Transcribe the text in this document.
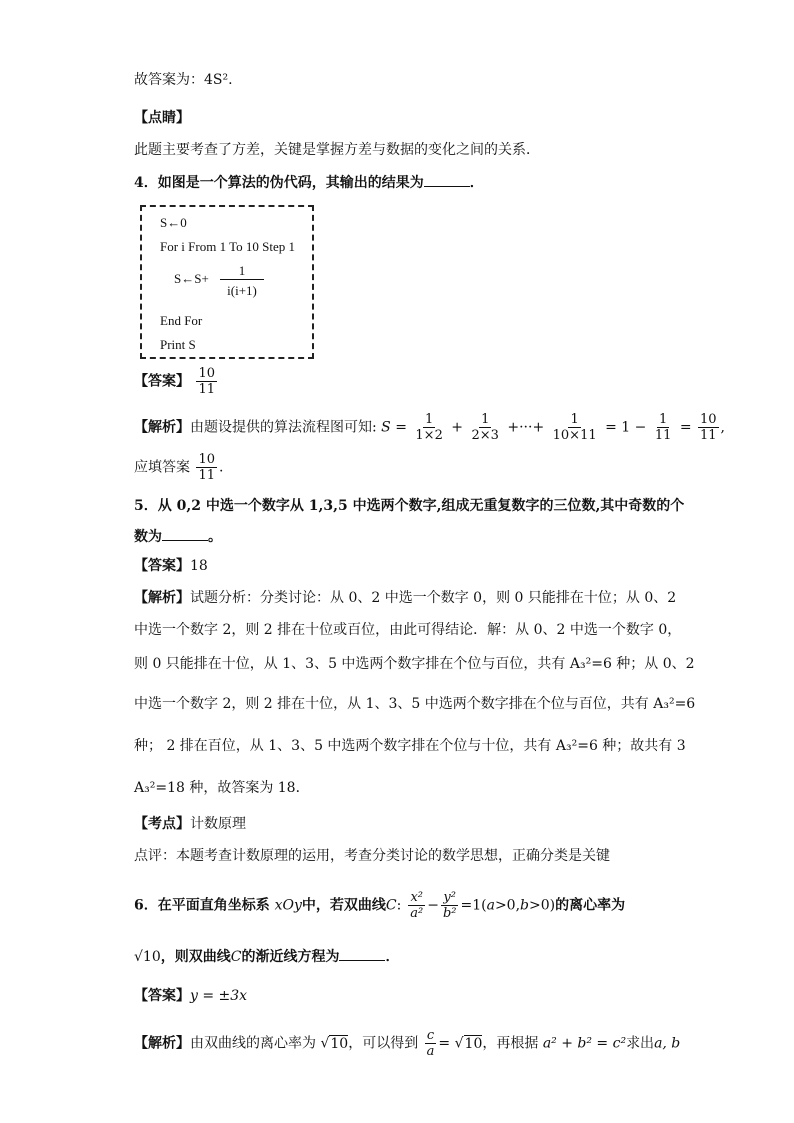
故答案为：4S².
【点睛】
此题主要考查了方差，关键是掌握方差与数据的变化之间的关系．
4．如图是一个算法的伪代码，其输出的结果为	．
S←0
For i From 1 To 10 Step 1
S←S+
1
i(i+1)
End For
Print S
【答案】 $\frac{10}{11}$
【解析】由题设提供的算法流程图可知: $S = \frac{1}{1\times 2} + \frac{1}{2\times 3}$ +···+ $\frac{1}{10\times 11} = 1 - \frac{1}{11} = \frac{10}{11}$ ,
应填答案 $\frac{10}{11}$ .
5．从 0,2 中选一个数字从 1,3,5 中选两个数字,组成无重复数字的三位数,其中奇数的个
数为	。
【答案】18
【解析】试题分析：分类讨论：从 0、2 中选一个数字 0，则 0 只能排在十位；从 0、2
中选一个数字 2，则 2 排在十位或百位，由此可得结论．解：从 0、2 中选一个数字 0，
则 0 只能排在十位，从 1、3、5 中选两个数字排在个位与百位，共有 A₃²=6 种；从 0、2
中选一个数字 2，则 2 排在十位，从 1、3、5 中选两个数字排在个位与百位，共有 A₃²=6
种； 2 排在百位，从 1、3、5 中选两个数字排在个位与十位，共有 A₃²=6 种；故共有 3
A₃²=18 种，故答案为 18．
【考点】计数原理
点评：本题考查计数原理的运用，考查分类讨论的数学思想，正确分类是关键
6．在平面直角坐标系 xOy中，若双曲线C: $\frac{\text{x²}}{\text{a²}} - \frac{\text{y²}}{\text{b²}} =1(a>0,b>0)$的离心率为
√10，则双曲线C的渐近线方程为	．
【答案】y = ±3x
【解析】由双曲线的离心率为 √10，可以得到 $\frac{c}{a} = √10$，再根据 a² + b² = c²求出a, b
